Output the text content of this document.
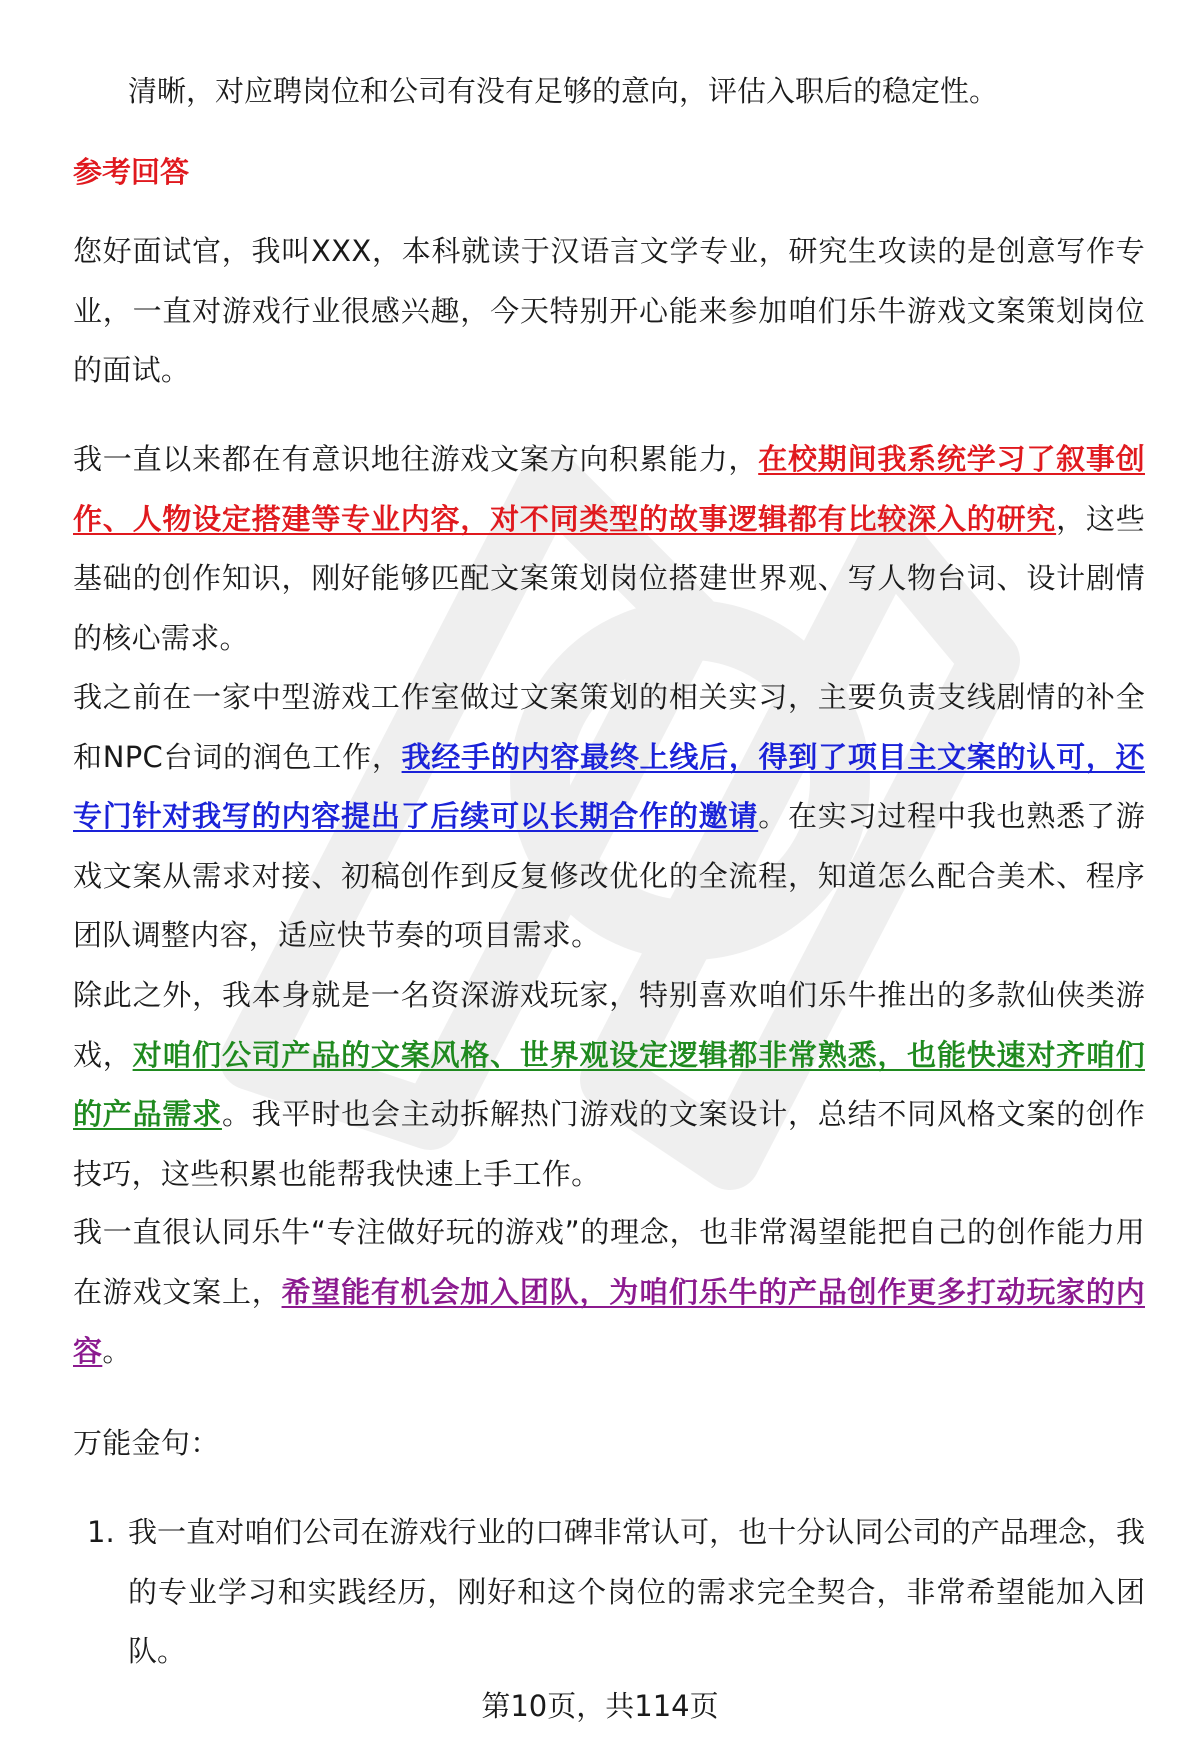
清晰，对应聘岗位和公司有没有足够的意向，评估入职后的稳定性。
参考回答

您好面试官，我叫XXX，本科就读于汉语言文学专业，研究生攻读的是创意写作专业，一直对游戏行业很感兴趣，今天特别开心能来参加咱们乐牛游戏文案策划岗位的面试。

我一直以来都在有意识地往游戏文案方向积累能力，在校期间我系统学习了叙事创作、人物设定搭建等专业内容，对不同类型的故事逻辑都有比较深入的研究，这些基础的创作知识，刚好能够匹配文案策划岗位搭建世界观、写人物台词、设计剧情的核心需求。

我之前在一家中型游戏工作室做过文案策划的相关实习，主要负责支线剧情的补全和NPC台词的润色工作，我经手的内容最终上线后，得到了项目主文案的认可，还专门针对我写的内容提出了后续可以长期合作的邀请。在实习过程中我也熟悉了游戏文案从需求对接、初稿创作到反复修改优化的全流程，知道怎么配合美术、程序团队调整内容，适应快节奏的项目需求。

除此之外，我本身就是一名资深游戏玩家，特别喜欢咱们乐牛推出的多款仙侠类游戏，对咱们公司产品的文案风格、世界观设定逻辑都非常熟悉，也能快速对齐咱们的产品需求。我平时也会主动拆解热门游戏的文案设计，总结不同风格文案的创作技巧，这些积累也能帮我快速上手工作。

我一直很认同乐牛“专注做好玩的游戏”的理念，也非常渴望能把自己的创作能力用在游戏文案上，希望能有机会加入团队，为咱们乐牛的产品创作更多打动玩家的内容。

万能金句：
1. 我一直对咱们公司在游戏行业的口碑非常认可，也十分认同公司的产品理念，我的专业学习和实践经历，刚好和这个岗位的需求完全契合，非常希望能加入团队。
第10页，共114页
